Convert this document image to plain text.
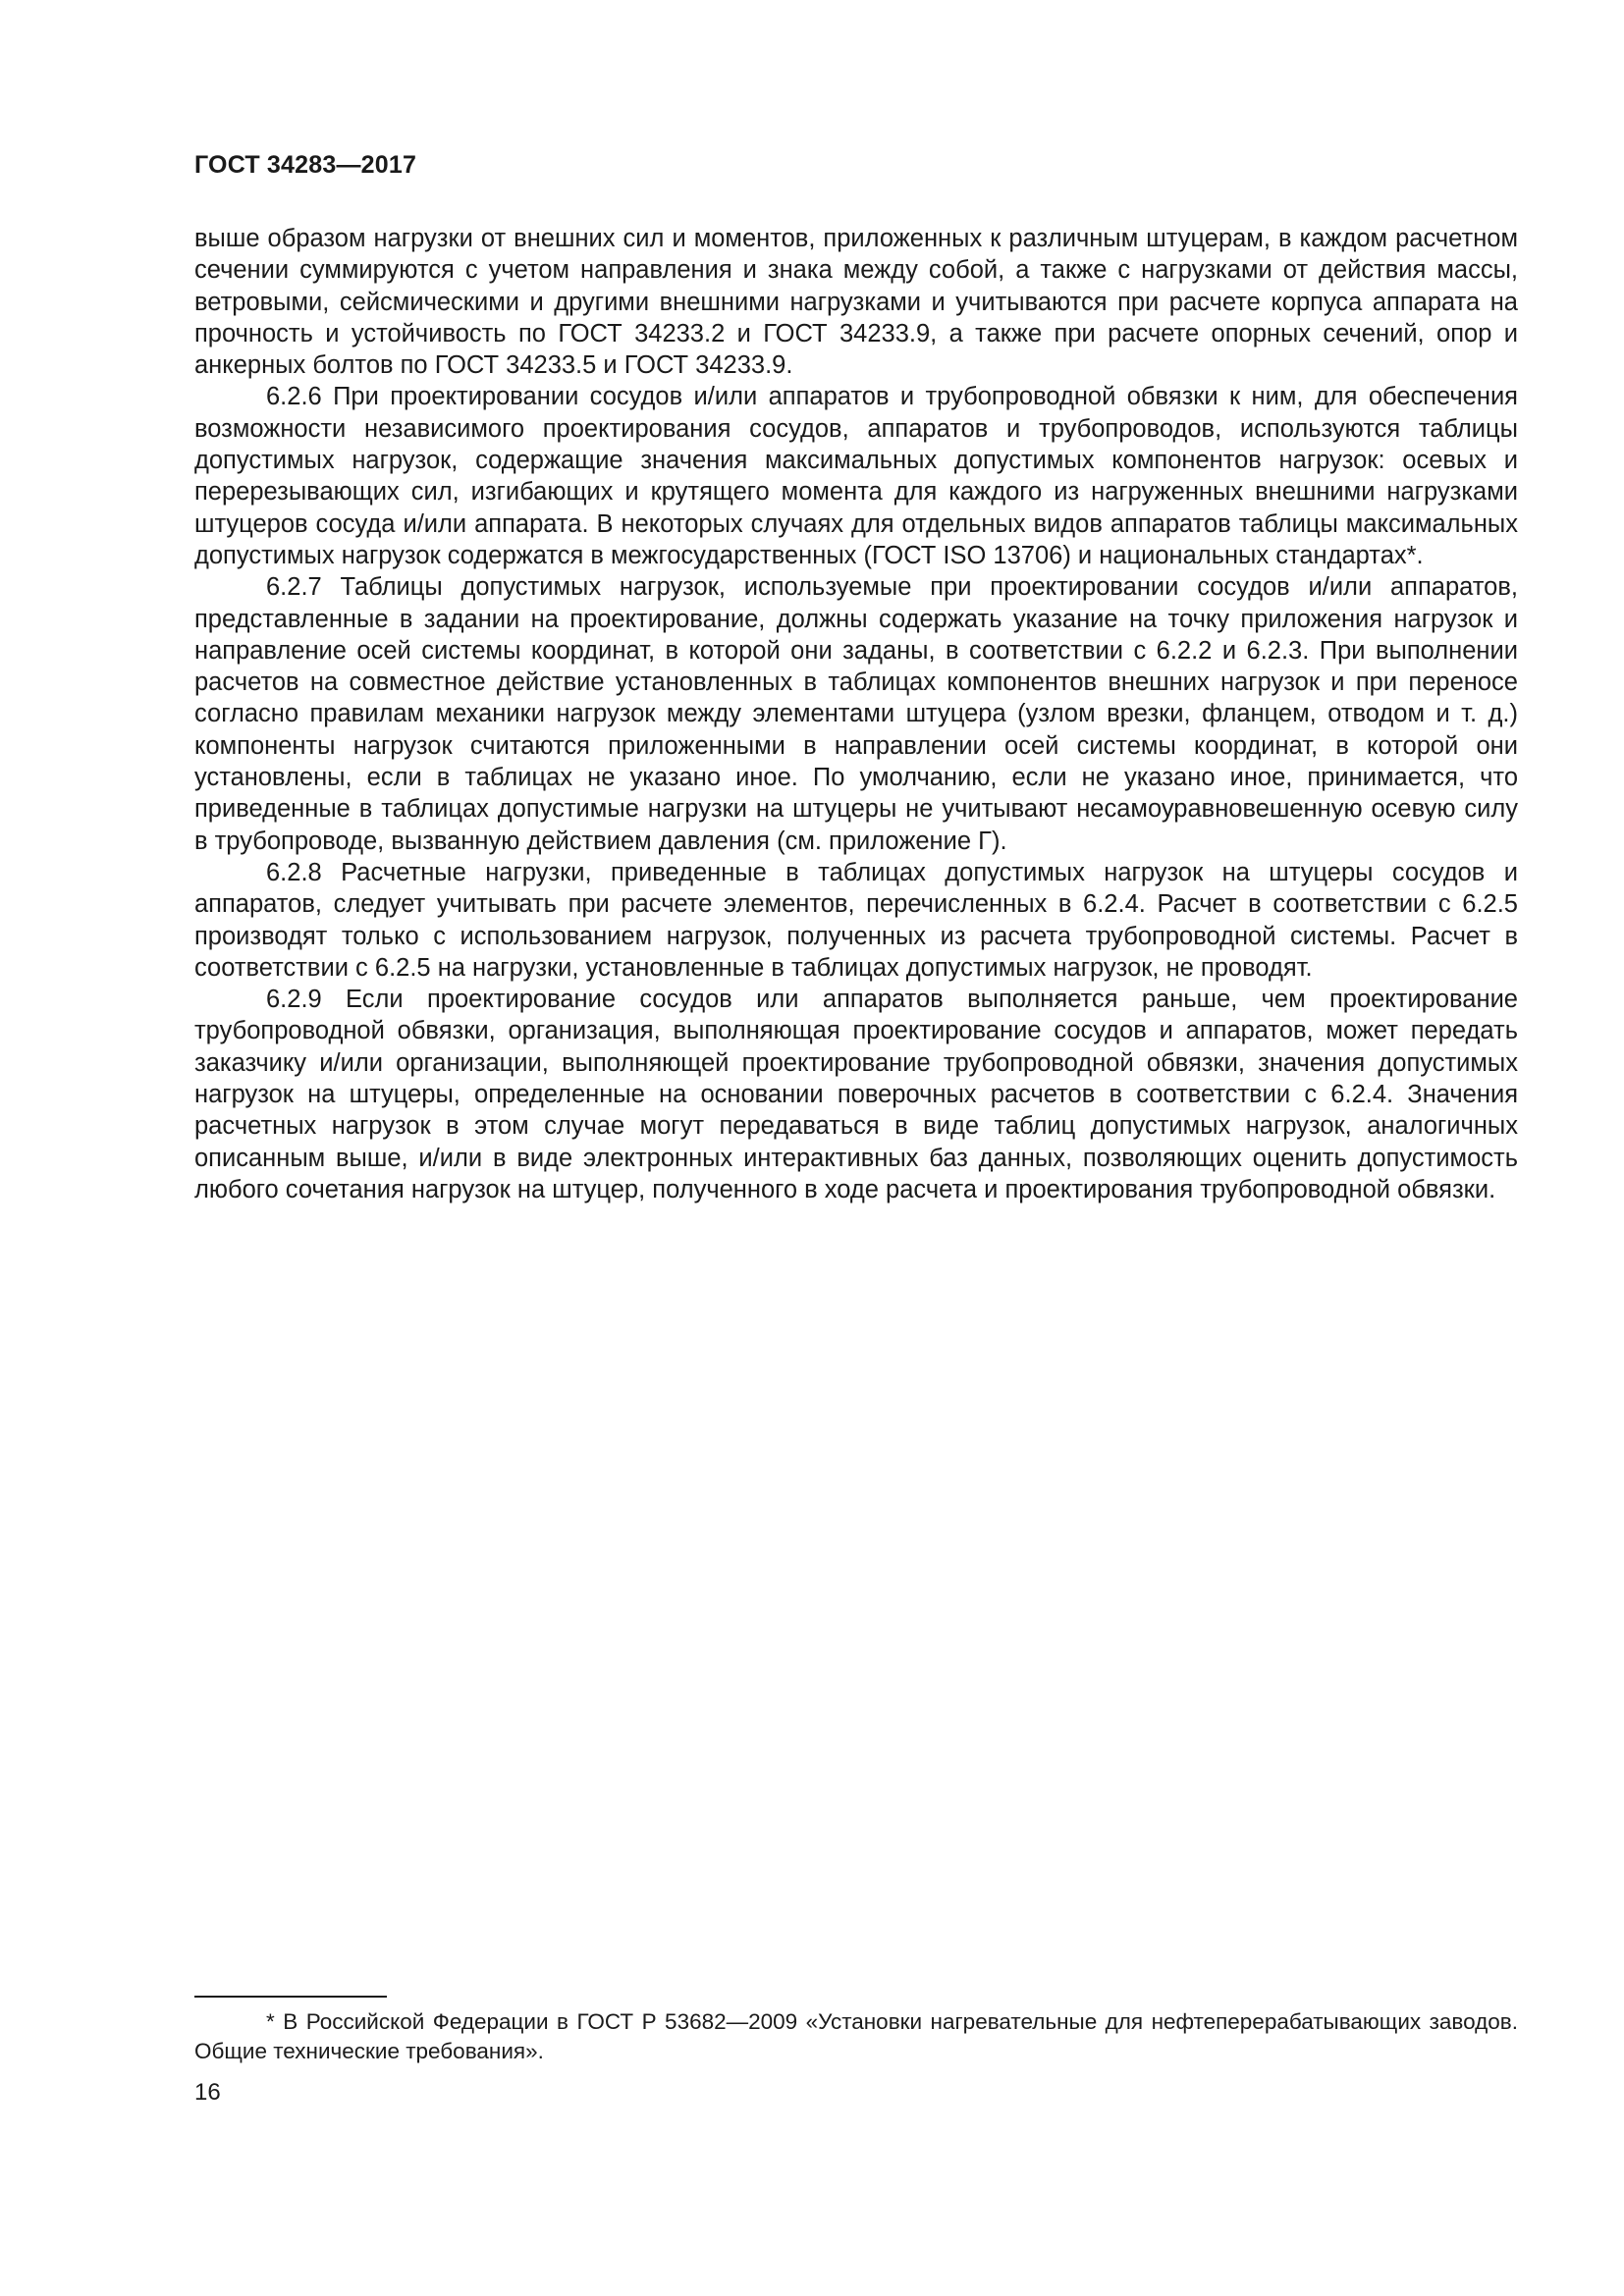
ГОСТ 34283—2017

выше образом нагрузки от внешних сил и моментов, приложенных к различным штуцерам, в каждом расчетном сечении суммируются с учетом направления и знака между собой, а также с нагрузками от действия массы, ветровыми, сейсмическими и другими внешними нагрузками и учитываются при расчете корпуса аппарата на прочность и устойчивость по ГОСТ 34233.2 и ГОСТ 34233.9, а также при расчете опорных сечений, опор и анкерных болтов по ГОСТ 34233.5 и ГОСТ 34233.9.

6.2.6 При проектировании сосудов и/или аппаратов и трубопроводной обвязки к ним, для обеспечения возможности независимого проектирования сосудов, аппаратов и трубопроводов, используются таблицы допустимых нагрузок, содержащие значения максимальных допустимых компонентов нагрузок: осевых и перерезывающих сил, изгибающих и крутящего момента для каждого из нагруженных внешними нагрузками штуцеров сосуда и/или аппарата. В некоторых случаях для отдельных видов аппаратов таблицы максимальных допустимых нагрузок содержатся в межгосударственных (ГОСТ ISO 13706) и национальных стандартах*.

6.2.7 Таблицы допустимых нагрузок, используемые при проектировании сосудов и/или аппаратов, представленные в задании на проектирование, должны содержать указание на точку приложения нагрузок и направление осей системы координат, в которой они заданы, в соответствии с 6.2.2 и 6.2.3. При выполнении расчетов на совместное действие установленных в таблицах компонентов внешних нагрузок и при переносе согласно правилам механики нагрузок между элементами штуцера (узлом врезки, фланцем, отводом и т. д.) компоненты нагрузок считаются приложенными в направлении осей системы координат, в которой они установлены, если в таблицах не указано иное. По умолчанию, если не указано иное, принимается, что приведенные в таблицах допустимые нагрузки на штуцеры не учитывают несамоуравновешенную осевую силу в трубопроводе, вызванную действием давления (см. приложение Г).

6.2.8 Расчетные нагрузки, приведенные в таблицах допустимых нагрузок на штуцеры сосудов и аппаратов, следует учитывать при расчете элементов, перечисленных в 6.2.4. Расчет в соответствии с 6.2.5 производят только с использованием нагрузок, полученных из расчета трубопроводной системы. Расчет в соответствии с 6.2.5 на нагрузки, установленные в таблицах допустимых нагрузок, не проводят.

6.2.9 Если проектирование сосудов или аппаратов выполняется раньше, чем проектирование трубопроводной обвязки, организация, выполняющая проектирование сосудов и аппаратов, может передать заказчику и/или организации, выполняющей проектирование трубопроводной обвязки, значения допустимых нагрузок на штуцеры, определенные на основании поверочных расчетов в соответствии с 6.2.4. Значения расчетных нагрузок в этом случае могут передаваться в виде таблиц допустимых нагрузок, аналогичных описанным выше, и/или в виде электронных интерактивных баз данных, позволяющих оценить допустимость любого сочетания нагрузок на штуцер, полученного в ходе расчета и проектирования трубопроводной обвязки.

* В Российской Федерации в ГОСТ Р 53682—2009 «Установки нагревательные для нефтеперерабатывающих заводов. Общие технические требования».

16
